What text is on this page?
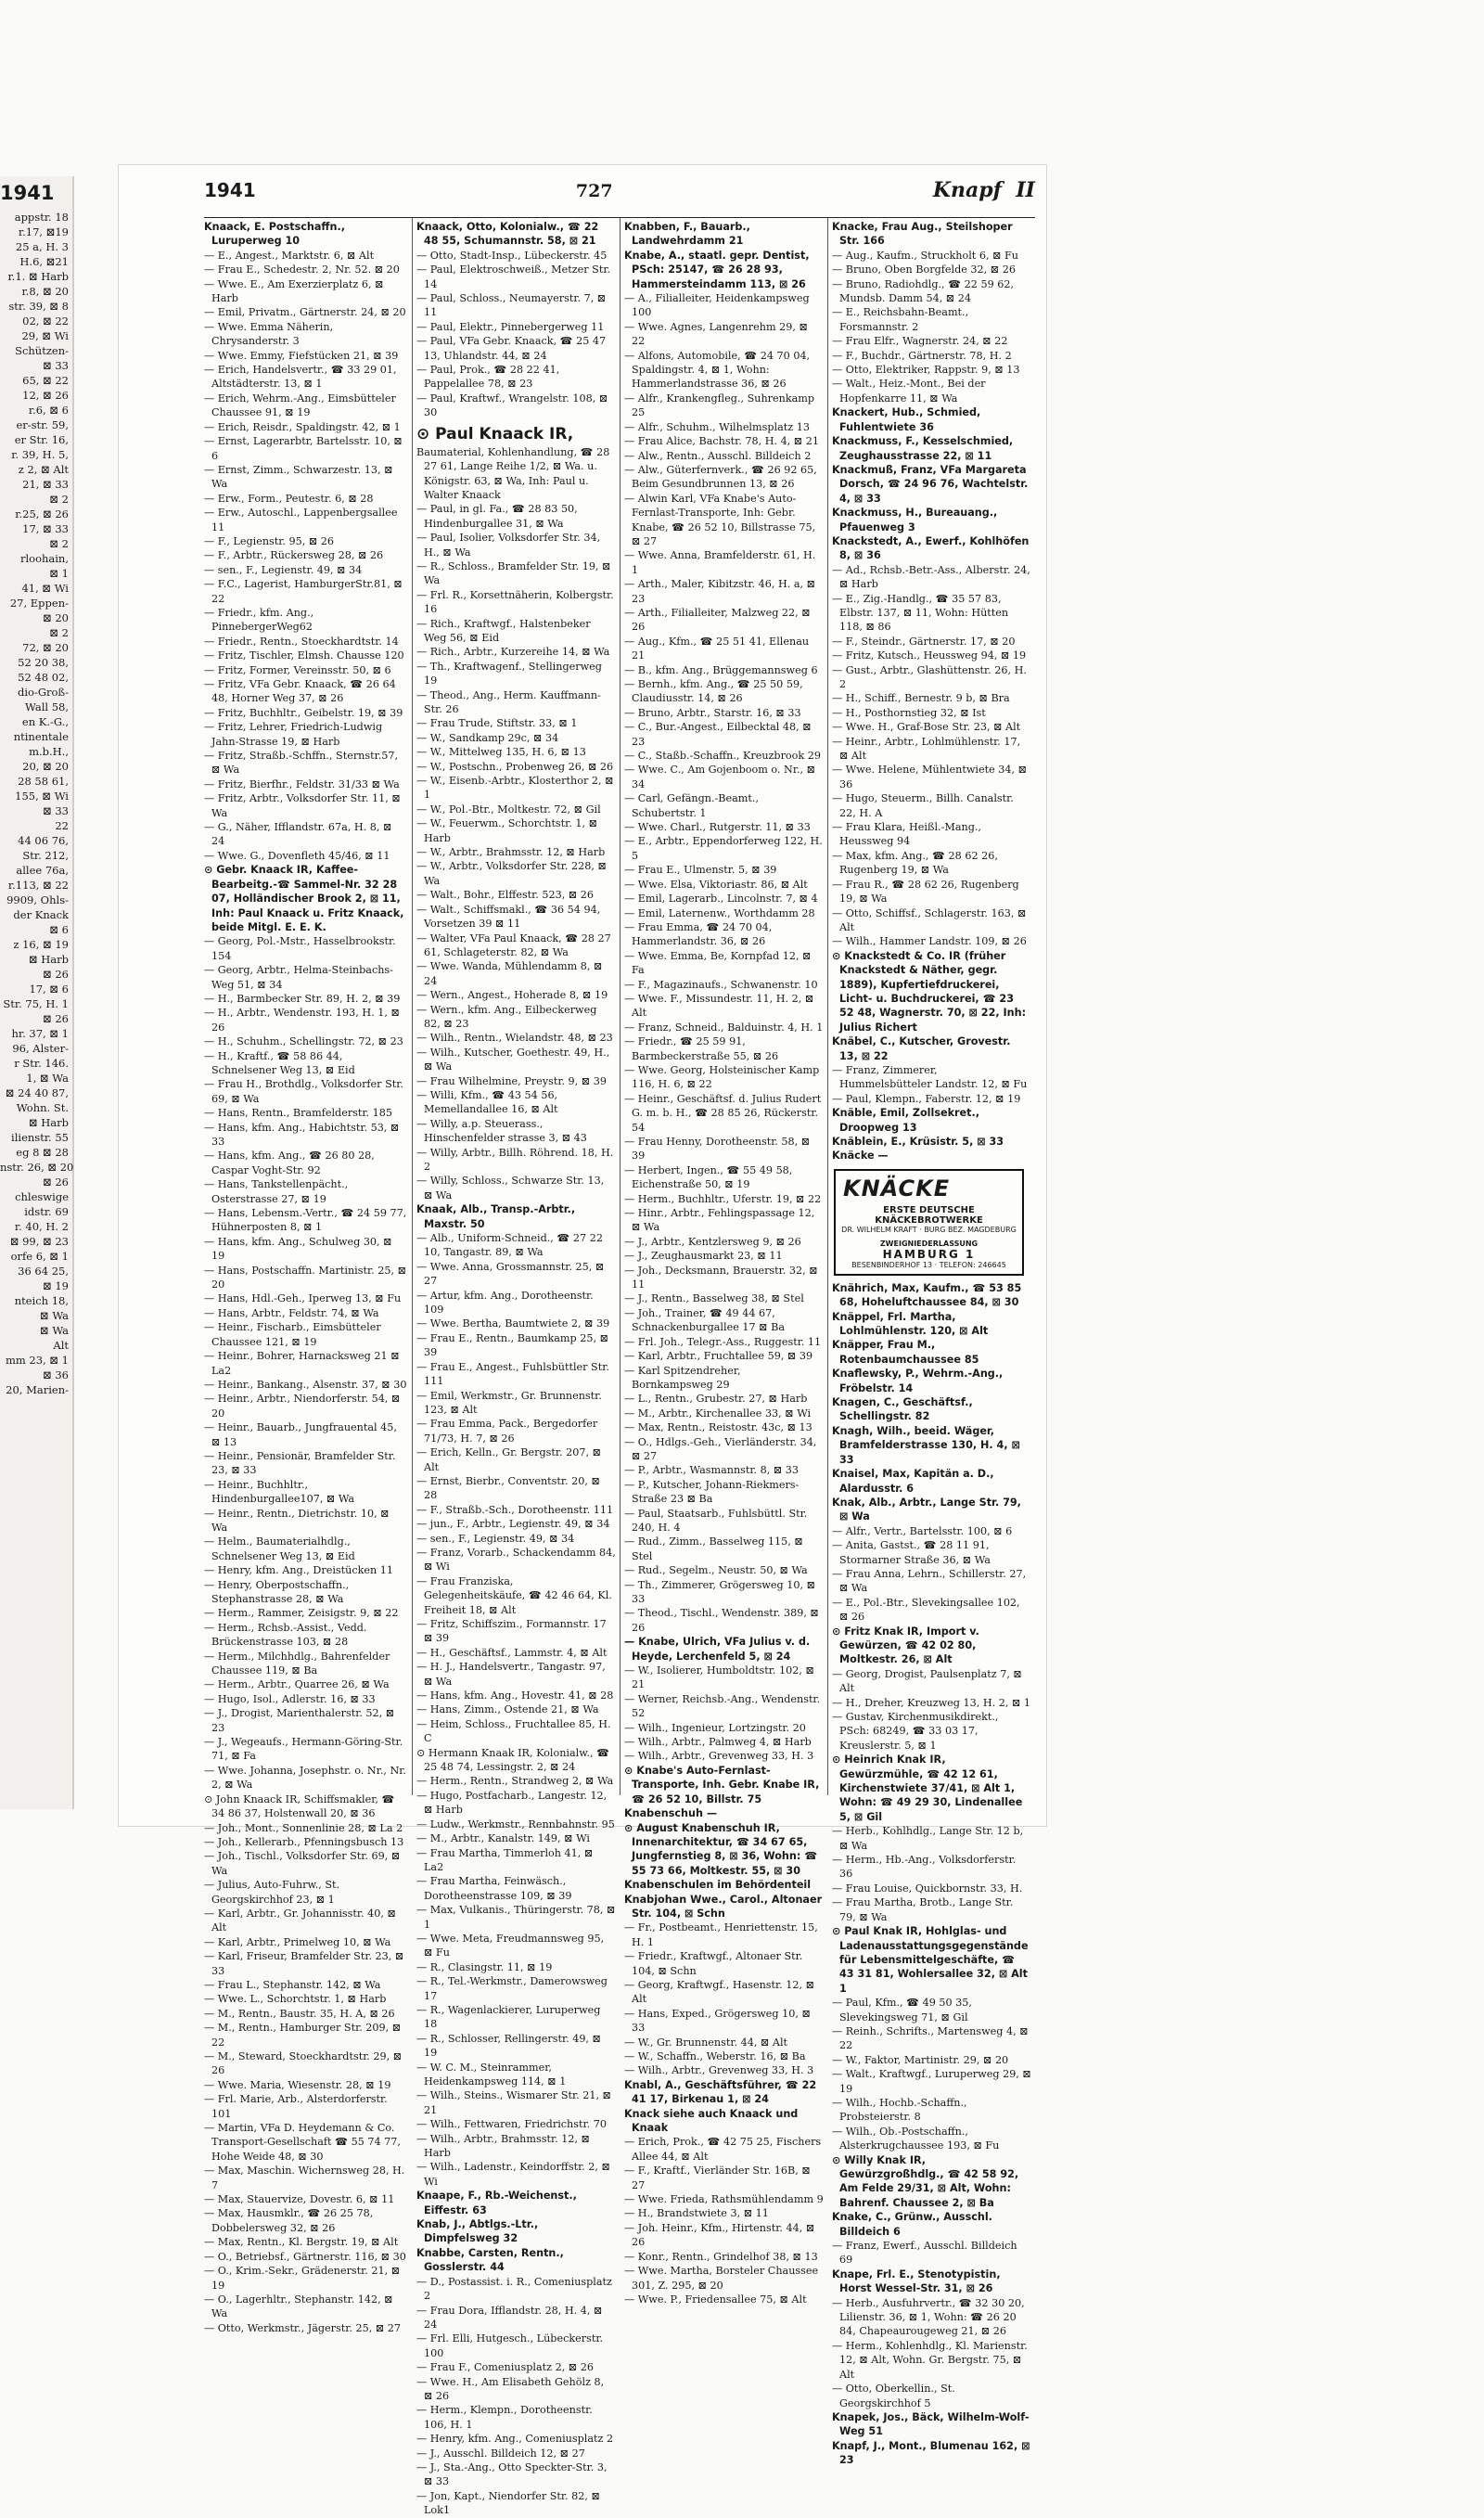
1941
appstr. 18
r.17, ⊠19
25 a, H. 3
H.6, ⊠21
r.1. ⊠ Harb
r.8, ⊠ 20
str. 39, ⊠ 8
02, ⊠ 22
29, ⊠ Wi
Schützen-
⊠ 33
65, ⊠ 22
12, ⊠ 26
r.6, ⊠ 6
er-str. 59,
er Str. 16,
r. 39, H. 5,
z 2, ⊠ Alt
21, ⊠ 33
⊠ 2
r.25, ⊠ 26
17, ⊠ 33
⊠ 2
rloohain,
⊠ 1
41, ⊠ Wi
27, Eppen-
⊠ 20
⊠ 2
72, ⊠ 20
52 20 38,
52 48 02,
dio-Groß-
Wall 58,
en K.-G.,
ntinentale
m.b.H.,
20, ⊠ 20
28 58 61,
155, ⊠ Wi
⊠ 33
22
44 06 76,
Str. 212,
allee 76a,
r.113, ⊠ 22
9909, Ohls-
der Knack
⊠ 6
z 16, ⊠ 19
⊠ Harb
⊠ 26
17, ⊠ 6
Str. 75, H. 1
⊠ 26
hr. 37, ⊠ 1
96, Alster-
r Str. 146.
1, ⊠ Wa
⊠ 24 40 87,
Wohn. St.
⊠ Harb
ilienstr. 55
eg 8 ⊠ 28
nstr. 26, ⊠ 20
⊠ 26
chleswige
idstr. 69
r. 40, H. 2
⊠ 99, ⊠ 23
orfe 6, ⊠ 1
36 64 25,
⊠ 19
nteich 18,
⊠ Wa
⊠ Wa
Alt
mm 23, ⊠ 1
⊠ 36
20, Marien-
1941	727	Knapf II

Knaack, E. Postschaffn., Luruperweg 10

— E., Angest., Marktstr. 6, ⊠ Alt

— Frau E., Schedestr. 2, Nr. 52. ⊠ 20

— Wwe. E., Am Exerzierplatz 6, ⊠ Harb

— Emil, Privatm., Gärtnerstr. 24, ⊠ 20

— Wwe. Emma Näherin, Chrysanderstr. 3

— Wwe. Emmy, Fiefstücken 21, ⊠ 39

— Erich, Handelsvertr., ☎ 33 29 01, Altstädterstr. 13, ⊠ 1

— Erich, Wehrm.-Ang., Eimsbütteler Chaussee 91, ⊠ 19

— Erich, Reisdr., Spaldingstr. 42, ⊠ 1

— Ernst, Lagerarbtr, Bartelsstr. 10, ⊠ 6

— Ernst, Zimm., Schwarzestr. 13, ⊠ Wa

— Erw., Form., Peutestr. 6, ⊠ 28

— Erw., Autoschl., Lappenbergsallee 11

— F., Legienstr. 95, ⊠ 26

— F., Arbtr., Rückersweg 28, ⊠ 26

— sen., F., Legienstr. 49, ⊠ 34

— F.C., Lagerist, HamburgerStr.81, ⊠ 22

— Friedr., kfm. Ang., PinnebergerWeg62

— Friedr., Rentn., Stoeckhardtstr. 14

— Fritz, Tischler, Elmsh. Chausse 120

— Fritz, Former, Vereinsstr. 50, ⊠ 6

— Fritz, VFa Gebr. Knaack, ☎ 26 64 48, Horner Weg 37, ⊠ 26

— Fritz, Buchhltr., Geibelstr. 19, ⊠ 39

— Fritz, Lehrer, Friedrich-Ludwig Jahn-Strasse 19, ⊠ Harb

— Fritz, Straßb.-Schffn., Sternstr.57, ⊠ Wa

— Fritz, Bierfhr., Feldstr. 31/33 ⊠ Wa

— Fritz, Arbtr., Volksdorfer Str. 11, ⊠ Wa

— G., Näher, Ifflandstr. 67a, H. 8, ⊠ 24

— Wwe. G., Dovenfleth 45/46, ⊠ 11

⊙ Gebr. Knaack IR, Kaffee-Bearbeitg.-☎ Sammel-Nr. 32 28 07, Holländischer Brook 2, ⊠ 11, Inh: Paul Knaack u. Fritz Knaack, beide Mitgl. E. E. K.

— Georg, Pol.-Mstr., Hasselbrookstr. 154

— Georg, Arbtr., Helma-Steinbachs-Weg 51, ⊠ 34

— H., Barmbecker Str. 89, H. 2, ⊠ 39

— H., Arbtr., Wendenstr. 193, H. 1, ⊠ 26

— H., Schuhm., Schellingstr. 72, ⊠ 23

— H., Kraftf., ☎ 58 86 44, Schnelsener Weg 13, ⊠ Eid

— Frau H., Brothdlg., Volksdorfer Str. 69, ⊠ Wa

— Hans, Rentn., Bramfelderstr. 185

— Hans, kfm. Ang., Habichtstr. 53, ⊠ 33

— Hans, kfm. Ang., ☎ 26 80 28, Caspar Voght-Str. 92

— Hans, Tankstellenpächt., Osterstrasse 27, ⊠ 19

— Hans, Lebensm.-Vertr., ☎ 24 59 77, Hühnerposten 8, ⊠ 1

— Hans, kfm. Ang., Schulweg 30, ⊠ 19

— Hans, Postschaffn. Martinistr. 25, ⊠ 20

— Hans, Hdl.-Geh., Iperweg 13, ⊠ Fu

— Hans, Arbtr., Feldstr. 74, ⊠ Wa

— Heinr., Fischarb., Eimsbütteler Chaussee 121, ⊠ 19

— Heinr., Bohrer, Harnacksweg 21 ⊠ La2

— Heinr., Bankang., Alsenstr. 37, ⊠ 30

— Heinr., Arbtr., Niendorferstr. 54, ⊠ 20

— Heinr., Bauarb., Jungfrauental 45, ⊠ 13

— Heinr., Pensionär, Bramfelder Str. 23, ⊠ 33

— Heinr., Buchhltr., Hindenburgallee107, ⊠ Wa

— Heinr., Rentn., Dietrichstr. 10, ⊠ Wa

— Helm., Baumaterialhdlg., Schnelsener Weg 13, ⊠ Eid

— Henry, kfm. Ang., Dreistücken 11

— Henry, Oberpostschaffn., Stephanstrasse 28, ⊠ Wa

— Herm., Rammer, Zeisigstr. 9, ⊠ 22

— Herm., Rchsb.-Assist., Vedd. Brückenstrasse 103, ⊠ 28

— Herm., Milchhdlg., Bahrenfelder Chaussee 119, ⊠ Ba

— Herm., Arbtr., Quarree 26, ⊠ Wa

— Hugo, Isol., Adlerstr. 16, ⊠ 33

— J., Drogist, Marienthalerstr. 52, ⊠ 23

— J., Wegeaufs., Hermann-Göring-Str. 71, ⊠ Fa

— Wwe. Johanna, Josephstr. o. Nr., Nr. 2, ⊠ Wa

⊙ John Knaack IR, Schiffsmakler, ☎ 34 86 37, Holstenwall 20, ⊠ 36

— Joh., Mont., Sonnenlinie 28, ⊠ La 2

— Joh., Kellerarb., Pfenningsbusch 13

— Joh., Tischl., Volksdorfer Str. 69, ⊠ Wa

— Julius, Auto-Fuhrw., St. Georgskirchhof 23, ⊠ 1

— Karl, Arbtr., Gr. Johannisstr. 40, ⊠ Alt

— Karl, Arbtr., Primelweg 10, ⊠ Wa

— Karl, Friseur, Bramfelder Str. 23, ⊠ 33

— Frau L., Stephanstr. 142, ⊠ Wa

— Wwe. L., Schorchtstr. 1, ⊠ Harb

— M., Rentn., Baustr. 35, H. A, ⊠ 26

— M., Rentn., Hamburger Str. 209, ⊠ 22

— M., Steward, Stoeckhardtstr. 29, ⊠ 26

— Wwe. Maria, Wiesenstr. 28, ⊠ 19

— Frl. Marie, Arb., Alsterdorferstr. 101

— Martin, VFa D. Heydemann & Co. Transport-Gesellschaft ☎ 55 74 77, Hohe Weide 48, ⊠ 30

— Max, Maschin. Wichernsweg 28, H. 7

— Max, Stauervize, Dovestr. 6, ⊠ 11

— Max, Hausmklr., ☎ 26 25 78, Dobbelersweg 32, ⊠ 26

— Max, Rentn., Kl. Bergstr. 19, ⊠ Alt

— O., Betriebsf., Gärtnerstr. 116, ⊠ 30

— O., Krim.-Sekr., Grädenerstr. 21, ⊠ 19

— O., Lagerhltr., Stephanstr. 142, ⊠ Wa

— Otto, Werkmstr., Jägerstr. 25, ⊠ 27

Knaack, Otto, Kolonialw., ☎ 22 48 55, Schumannstr. 58, ⊠ 21

— Otto, Stadt-Insp., Lübeckerstr. 45

— Paul, Elektroschweiß., Metzer Str. 14

— Paul, Schloss., Neumayerstr. 7, ⊠ 11

— Paul, Elektr., Pinnebergerweg 11

— Paul, VFa Gebr. Knaack, ☎ 25 47 13, Uhlandstr. 44, ⊠ 24

— Paul, Prok., ☎ 28 22 41, Pappelallee 78, ⊠ 23

— Paul, Kraftwf., Wrangelstr. 108, ⊠ 30

⊙ Paul Knaack IR,

Baumaterial, Kohlenhandlung, ☎ 28 27 61, Lange Reihe 1/2, ⊠ Wa. u. Königstr. 63, ⊠ Wa, Inh: Paul u. Walter Knaack

— Paul, in gl. Fa., ☎ 28 83 50, Hindenburgallee 31, ⊠ Wa

— Paul, Isolier, Volksdorfer Str. 34, H., ⊠ Wa

— R., Schloss., Bramfelder Str. 19, ⊠ Wa

— Frl. R., Korsettnäherin, Kolbergstr. 16

— Rich., Kraftwgf., Halstenbeker Weg 56, ⊠ Eid

— Rich., Arbtr., Kurzereihe 14, ⊠ Wa

— Th., Kraftwagenf., Stellingerweg 19

— Theod., Ang., Herm. Kauffmann-Str. 26

— Frau Trude, Stiftstr. 33, ⊠ 1

— W., Sandkamp 29c, ⊠ 34

— W., Mittelweg 135, H. 6, ⊠ 13

— W., Postschn., Probenweg 26, ⊠ 26

— W., Eisenb.-Arbtr., Klosterthor 2, ⊠ 1

— W., Pol.-Btr., Moltkestr. 72, ⊠ Gil

— W., Feuerwm., Schorchtstr. 1, ⊠ Harb

— W., Arbtr., Brahmsstr. 12, ⊠ Harb

— W., Arbtr., Volksdorfer Str. 228, ⊠ Wa

— Walt., Bohr., Elffestr. 523, ⊠ 26

— Walt., Schiffsmakl., ☎ 36 54 94, Vorsetzen 39 ⊠ 11

— Walter, VFa Paul Knaack, ☎ 28 27 61, Schlageterstr. 82, ⊠ Wa

— Wwe. Wanda, Mühlendamm 8, ⊠ 24

— Wern., Angest., Hoherade 8, ⊠ 19

— Wern., kfm. Ang., Eilbeckerweg 82, ⊠ 23

— Wilh., Rentn., Wielandstr. 48, ⊠ 23

— Wilh., Kutscher, Goethestr. 49, H., ⊠ Wa

— Frau Wilhelmine, Preystr. 9, ⊠ 39

— Willi, Kfm., ☎ 43 54 56, Memellandallee 16, ⊠ Alt

— Willy, a.p. Steuerass., Hinschenfelder strasse 3, ⊠ 43

— Willy, Arbtr., Billh. Röhrend. 18, H. 2

— Willy, Schloss., Schwarze Str. 13, ⊠ Wa

Knaak, Alb., Transp.-Arbtr., Maxstr. 50

— Alb., Uniform-Schneid., ☎ 27 22 10, Tangastr. 89, ⊠ Wa

— Wwe. Anna, Grossmannstr. 25, ⊠ 27

— Artur, kfm. Ang., Dorotheenstr. 109

— Wwe. Bertha, Baumtwiete 2, ⊠ 39

— Frau E., Rentn., Baumkamp 25, ⊠ 39

— Frau E., Angest., Fuhlsbüttler Str. 111

— Emil, Werkmstr., Gr. Brunnenstr. 123, ⊠ Alt

— Frau Emma, Pack., Bergedorfer 71/73, H. 7, ⊠ 26

— Erich, Kelln., Gr. Bergstr. 207, ⊠ Alt

— Ernst, Bierbr., Conventstr. 20, ⊠ 28

— F., Straßb.-Sch., Dorotheenstr. 111

— jun., F., Arbtr., Legienstr. 49, ⊠ 34

— sen., F., Legienstr. 49, ⊠ 34

— Franz, Vorarb., Schackendamm 84, ⊠ Wi

— Frau Franziska, Gelegenheitskäufe, ☎ 42 46 64, Kl. Freiheit 18, ⊠ Alt

— Fritz, Schiffszim., Formannstr. 17 ⊠ 39

— H., Geschäftsf., Lammstr. 4, ⊠ Alt

— H. J., Handelsvertr., Tangastr. 97, ⊠ Wa

— Hans, kfm. Ang., Hovestr. 41, ⊠ 28

— Hans, Zimm., Ostende 21, ⊠ Wa

— Heim, Schloss., Fruchtallee 85, H. C

⊙ Hermann Knaak IR, Kolonialw., ☎ 25 48 74, Lessingstr. 2, ⊠ 24

— Herm., Rentn., Strandweg 2, ⊠ Wa

— Hugo, Postfacharb., Langestr. 12, ⊠ Harb

— Ludw., Werkmstr., Rennbahnstr. 95

— M., Arbtr., Kanalstr. 149, ⊠ Wi

— Frau Martha, Timmerloh 41, ⊠ La2

— Frau Martha, Feinwäsch., Dorotheenstrasse 109, ⊠ 39

— Max, Vulkanis., Thüringerstr. 78, ⊠ 1

— Wwe. Meta, Freudmannsweg 95, ⊠ Fu

— R., Clasingstr. 11, ⊠ 19

— R., Tel.-Werkmstr., Damerowsweg 17

— R., Wagenlackierer, Luruperweg 18

— R., Schlosser, Rellingerstr. 49, ⊠ 19

— W. C. M., Steinrammer, Heidenkampsweg 114, ⊠ 1

— Wilh., Steins., Wismarer Str. 21, ⊠ 21

— Wilh., Fettwaren, Friedrichstr. 70

— Wilh., Arbtr., Brahmsstr. 12, ⊠ Harb

— Wilh., Ladenstr., Keindorffstr. 2, ⊠ Wi

Knaape, F., Rb.-Weichenst., Eiffestr. 63

Knab, J., Abtlgs.-Ltr., Dimpfelsweg 32

Knabbe, Carsten, Rentn., Gosslerstr. 44

— D., Postassist. i. R., Comeniusplatz 2

— Frau Dora, Ifflandstr. 28, H. 4, ⊠ 24

— Frl. Elli, Hutgesch., Lübeckerstr. 100

— Frau F., Comeniusplatz 2, ⊠ 26

— Wwe. H., Am Elisabeth Gehölz 8, ⊠ 26

— Herm., Klempn., Dorotheenstr. 106, H. 1

— Henry, kfm. Ang., Comeniusplatz 2

— J., Ausschl. Billdeich 12, ⊠ 27

— J., Sta.-Ang., Otto Speckter-Str. 3, ⊠ 33

— Jon, Kapt., Niendorfer Str. 82, ⊠ Lok1

Knabben, F., Bauarb., Landwehrdamm 21

Knabe, A., staatl. gepr. Dentist, PSch: 25147, ☎ 26 28 93, Hammersteindamm 113, ⊠ 26

— A., Filialleiter, Heidenkampsweg 100

— Wwe. Agnes, Langenrehm 29, ⊠ 22

— Alfons, Automobile, ☎ 24 70 04, Spaldingstr. 4, ⊠ 1, Wohn: Hammerlandstrasse 36, ⊠ 26

— Alfr., Krankengfleg., Suhrenkamp 25

— Alfr., Schuhm., Wilhelmsplatz 13

— Frau Alice, Bachstr. 78, H. 4, ⊠ 21

— Alw., Rentn., Ausschl. Billdeich 2

— Alw., Güterfernverk., ☎ 26 92 65, Beim Gesundbrunnen 13, ⊠ 26

— Alwin Karl, VFa Knabe's Auto-Fernlast-Transporte, Inh: Gebr. Knabe, ☎ 26 52 10, Billstrasse 75, ⊠ 27

— Wwe. Anna, Bramfelderstr. 61, H. 1

— Arth., Maler, Kibitzstr. 46, H. a, ⊠ 23

— Arth., Filialleiter, Malzweg 22, ⊠ 26

— Aug., Kfm., ☎ 25 51 41, Ellenau 21

— B., kfm. Ang., Brüggemannsweg 6

— Bernh., kfm. Ang., ☎ 25 50 59, Claudiusstr. 14, ⊠ 26

— Bruno, Arbtr., Starstr. 16, ⊠ 33

— C., Bur.-Angest., Eilbecktal 48, ⊠ 23

— C., Staßb.-Schaffn., Kreuzbrook 29

— Wwe. C., Am Gojenboom o. Nr., ⊠ 34

— Carl, Gefängn.-Beamt., Schubertstr. 1

— Wwe. Charl., Rutgerstr. 11, ⊠ 33

— E., Arbtr., Eppendorferweg 122, H. 5

— Frau E., Ulmenstr. 5, ⊠ 39

— Wwe. Elsa, Viktoriastr. 86, ⊠ Alt

— Emil, Lagerarb., Lincolnstr. 7, ⊠ 4

— Emil, Laternenw., Worthdamm 28

— Frau Emma, ☎ 24 70 04, Hammerlandstr. 36, ⊠ 26

— Wwe. Emma, Be, Kornpfad 12, ⊠ Fa

— F., Magazinaufs., Schwanenstr. 10

— Wwe. F., Missundestr. 11, H. 2, ⊠ Alt

— Franz, Schneid., Balduinstr. 4, H. 1

— Friedr., ☎ 25 59 91, Barmbeckerstraße 55, ⊠ 26

— Wwe. Georg, Holsteinischer Kamp 116, H. 6, ⊠ 22

— Heinr., Geschäftsf. d. Julius Rudert G. m. b. H., ☎ 28 85 26, Rückerstr. 54

— Frau Henny, Dorotheenstr. 58, ⊠ 39

— Herbert, Ingen., ☎ 55 49 58, Eichenstraße 50, ⊠ 19

— Herm., Buchhltr., Uferstr. 19, ⊠ 22

— Hinr., Arbtr., Fehlingspassage 12, ⊠ Wa

— J., Arbtr., Kentzlersweg 9, ⊠ 26

— J., Zeughausmarkt 23, ⊠ 11

— Joh., Decksmann, Brauerstr. 32, ⊠ 11

— J., Rentn., Basselweg 38, ⊠ Stel

— Joh., Trainer, ☎ 49 44 67, Schnackenburgallee 17 ⊠ Ba

— Frl. Joh., Telegr.-Ass., Ruggestr. 11

— Karl, Arbtr., Fruchtallee 59, ⊠ 39

— Karl Spitzendreher, Bornkampsweg 29

— L., Rentn., Grubestr. 27, ⊠ Harb

— M., Arbtr., Kirchenallee 33, ⊠ Wi

— Max, Rentn., Reistostr. 43c, ⊠ 13

— O., Hdlgs.-Geh., Vierländerstr. 34, ⊠ 27

— P., Arbtr., Wasmannstr. 8, ⊠ 33

— P., Kutscher, Johann-Riekmers-Straße 23 ⊠ Ba

— Paul, Staatsarb., Fuhlsbüttl. Str. 240, H. 4

— Rud., Zimm., Basselweg 115, ⊠ Stel

— Rud., Segelm., Neustr. 50, ⊠ Wa

— Th., Zimmerer, Grögersweg 10, ⊠ 33

— Theod., Tischl., Wendenstr. 389, ⊠ 26

— Knabe, Ulrich, VFa Julius v. d. Heyde, Lerchenfeld 5, ⊠ 24

— W., Isolierer, Humboldtstr. 102, ⊠ 21

— Werner, Reichsb.-Ang., Wendenstr. 52

— Wilh., Ingenieur, Lortzingstr. 20

— Wilh., Arbtr., Palmweg 4, ⊠ Harb

— Wilh., Arbtr., Grevenweg 33, H. 3

⊙ Knabe's Auto-Fernlast-Transporte, Inh. Gebr. Knabe IR, ☎ 26 52 10, Billstr. 75

Knabenschuh —

⊙ August Knabenschuh IR, Innenarchitektur, ☎ 34 67 65, Jungfernstieg 8, ⊠ 36, Wohn: ☎ 55 73 66, Moltkestr. 55, ⊠ 30

Knabenschulen im Behördenteil

Knabjohan Wwe., Carol., Altonaer Str. 104, ⊠ Schn

— Fr., Postbeamt., Henriettenstr. 15, H. 1

— Friedr., Kraftwgf., Altonaer Str. 104, ⊠ Schn

— Georg, Kraftwgf., Hasenstr. 12, ⊠ Alt

— Hans, Exped., Grögersweg 10, ⊠ 33

— W., Gr. Brunnenstr. 44, ⊠ Alt

— W., Schaffn., Weberstr. 16, ⊠ Ba

— Wilh., Arbtr., Grevenweg 33, H. 3

Knabl, A., Geschäftsführer, ☎ 22 41 17, Birkenau 1, ⊠ 24

Knack siehe auch Knaack und Knaak

— Erich, Prok., ☎ 42 75 25, Fischers Allee 44, ⊠ Alt

— F., Kraftf., Vierländer Str. 16B, ⊠ 27

— Wwe. Frieda, Rathsmühlendamm 9

— H., Brandstwiete 3, ⊠ 11

— Joh. Heinr., Kfm., Hirtenstr. 44, ⊠ 26

— Konr., Rentn., Grindelhof 38, ⊠ 13

— Wwe. Martha, Borsteler Chaussee 301, Z. 295, ⊠ 20

— Wwe. P., Friedensallee 75, ⊠ Alt

Knacke, Frau Aug., Steilshoper Str. 166

— Aug., Kaufm., Struckholt 6, ⊠ Fu

— Bruno, Oben Borgfelde 32, ⊠ 26

— Bruno, Radiohdlg., ☎ 22 59 62, Mundsb. Damm 54, ⊠ 24

— E., Reichsbahn-Beamt., Forsmannstr. 2

— Frau Elfr., Wagnerstr. 24, ⊠ 22

— F., Buchdr., Gärtnerstr. 78, H. 2

— Otto, Elektriker, Rappstr. 9, ⊠ 13

— Walt., Heiz.-Mont., Bei der Hopfenkarre 11, ⊠ Wa

Knackert, Hub., Schmied, Fuhlentwiete 36

Knackmuss, F., Kesselschmied, Zeughausstrasse 22, ⊠ 11

Knackmuß, Franz, VFa Margareta Dorsch, ☎ 24 96 76, Wachtelstr. 4, ⊠ 33

Knackmuss, H., Bureauang., Pfauenweg 3

Knackstedt, A., Ewerf., Kohlhöfen 8, ⊠ 36

— Ad., Rchsb.-Betr.-Ass., Alberstr. 24, ⊠ Harb

— E., Zig.-Handlg., ☎ 35 57 83, Elbstr. 137, ⊠ 11, Wohn: Hütten 118, ⊠ 86

— F., Steindr., Gärtnerstr. 17, ⊠ 20

— Fritz, Kutsch., Heussweg 94, ⊠ 19

— Gust., Arbtr., Glashüttenstr. 26, H. 2

— H., Schiff., Bernestr. 9 b, ⊠ Bra

— H., Posthornstieg 32, ⊠ Ist

— Wwe. H., Graf-Bose Str. 23, ⊠ Alt

— Heinr., Arbtr., Lohlmühlenstr. 17, ⊠ Alt

— Wwe. Helene, Mühlentwiete 34, ⊠ 36

— Hugo, Steuerm., Billh. Canalstr. 22, H. A

— Frau Klara, Heißl.-Mang., Heussweg 94

— Max, kfm. Ang., ☎ 28 62 26, Rugenberg 19, ⊠ Wa

— Frau R., ☎ 28 62 26, Rugenberg 19, ⊠ Wa

— Otto, Schiffsf., Schlagerstr. 163, ⊠ Alt

— Wilh., Hammer Landstr. 109, ⊠ 26

⊙ Knackstedt & Co. IR (früher Knackstedt & Näther, gegr. 1889), Kupfertiefdruckerei, Licht- u. Buchdruckerei, ☎ 23 52 48, Wagnerstr. 70, ⊠ 22, Inh: Julius Richert

Knäbel, C., Kutscher, Grovestr. 13, ⊠ 22

— Franz, Zimmerer, Hummelsbütteler Landstr. 12, ⊠ Fu

— Paul, Klempn., Faberstr. 12, ⊠ 19

Knäble, Emil, Zollsekret., Droopweg 13

Knäblein, E., Krüsistr. 5, ⊠ 33

Knäcke —

KNÄCKE
ERSTE DEUTSCHE KNÄCKEBROTWERKE
DR. WILHELM KRAFT · BURG BEZ. MAGDEBURG
ZWEIGNIEDERLASSUNG
HAMBURG 1
BESENBINDERHOF 13 · TELEFON: 246645

Knährich, Max, Kaufm., ☎ 53 85 68, Hoheluftchaussee 84, ⊠ 30

Knäppel, Frl. Martha, Lohlmühlenstr. 120, ⊠ Alt

Knäpper, Frau M., Rotenbaumchaussee 85

Knaflewsky, P., Wehrm.-Ang., Fröbelstr. 14

Knagen, C., Geschäftsf., Schellingstr. 82

Knagh, Wilh., beeid. Wäger, Bramfelderstrasse 130, H. 4, ⊠ 33

Knaisel, Max, Kapitän a. D., Alardusstr. 6

Knak, Alb., Arbtr., Lange Str. 79, ⊠ Wa

— Alfr., Vertr., Bartelsstr. 100, ⊠ 6

— Anita, Gastst., ☎ 28 11 91, Stormarner Straße 36, ⊠ Wa

— Frau Anna, Lehrn., Schillerstr. 27, ⊠ Wa

— E., Pol.-Btr., Slevekingsallee 102, ⊠ 26

⊙ Fritz Knak IR, Import v. Gewürzen, ☎ 42 02 80, Moltkestr. 26, ⊠ Alt

— Georg, Drogist, Paulsenplatz 7, ⊠ Alt

— H., Dreher, Kreuzweg 13, H. 2, ⊠ 1

— Gustav, Kirchenmusikdirekt., PSch: 68249, ☎ 33 03 17, Kreuslerstr. 5, ⊠ 1

⊙ Heinrich Knak IR, Gewürzmühle, ☎ 42 12 61, Kirchenstwiete 37/41, ⊠ Alt 1, Wohn: ☎ 49 29 30, Lindenallee 5, ⊠ Gil

— Herb., Kohlhdlg., Lange Str. 12 b, ⊠ Wa

— Herm., Hb.-Ang., Volksdorferstr. 36

— Frau Louise, Quickbornstr. 33, H.

— Frau Martha, Brotb., Lange Str. 79, ⊠ Wa

⊙ Paul Knak IR, Hohlglas- und Ladenausstattungsgegenstände für Lebensmittelgeschäfte, ☎ 43 31 81, Wohlersallee 32, ⊠ Alt 1

— Paul, Kfm., ☎ 49 50 35, Slevekingsweg 71, ⊠ Gil

— Reinh., Schrifts., Martensweg 4, ⊠ 22

— W., Faktor, Martinistr. 29, ⊠ 20

— Walt., Kraftwgf., Luruperweg 29, ⊠ 19

— Wilh., Hochb.-Schaffn., Probsteierstr. 8

— Wilh., Ob.-Postschaffn., Alsterkrugchaussee 193, ⊠ Fu

⊙ Willy Knak IR, Gewürzgroßhdlg., ☎ 42 58 92, Am Felde 29/31, ⊠ Alt, Wohn: Bahrenf. Chaussee 2, ⊠ Ba

Knake, C., Grünw., Ausschl. Billdeich 6

— Franz, Ewerf., Ausschl. Billdeich 69

Knape, Frl. E., Stenotypistin, Horst Wessel-Str. 31, ⊠ 26

— Herb., Ausfuhrvertr., ☎ 32 30 20, Lilienstr. 36, ⊠ 1, Wohn: ☎ 26 20 84, Chapeaurougeweg 21, ⊠ 26

— Herm., Kohlenhdlg., Kl. Marienstr. 12, ⊠ Alt, Wohn. Gr. Bergstr. 75, ⊠ Alt

— Otto, Oberkellin., St. Georgskirchhof 5

Knapek, Jos., Bäck, Wilhelm-Wolf-Weg 51

Knapf, J., Mont., Blumenau 162, ⊠ 23
